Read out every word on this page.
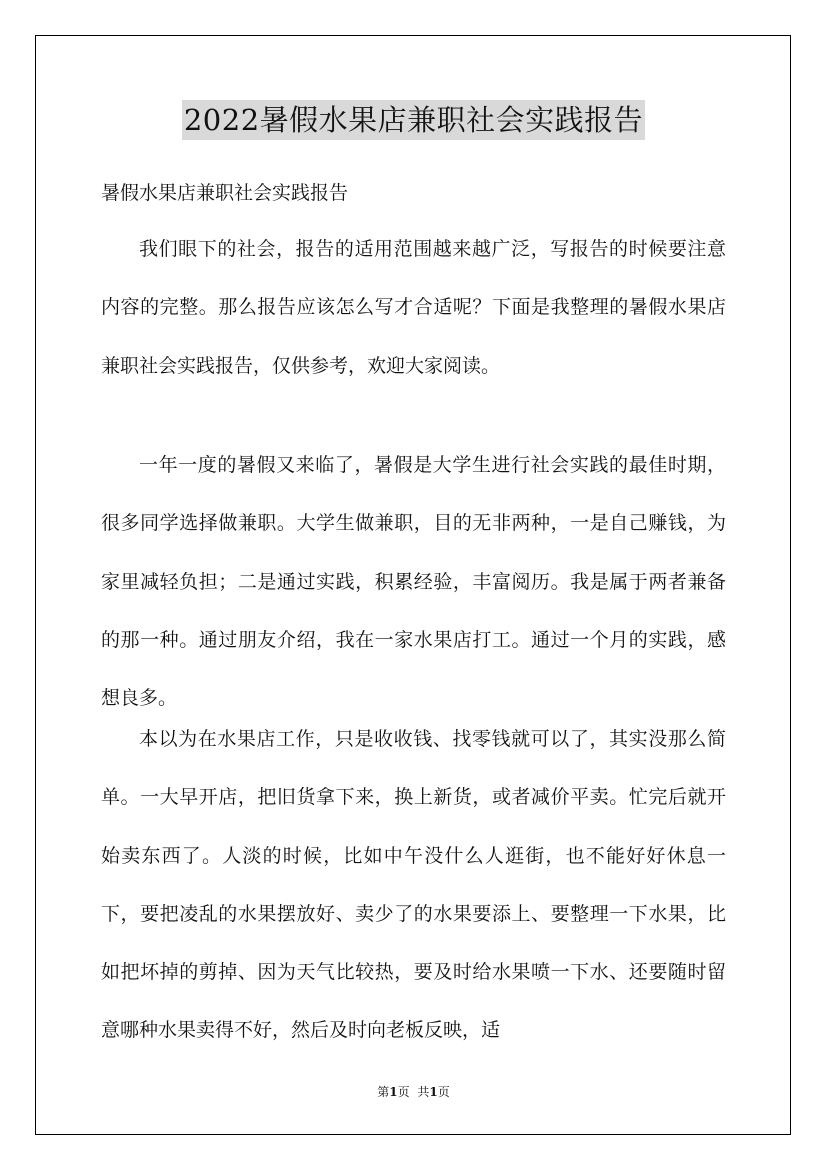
2022暑假水果店兼职社会实践报告
暑假水果店兼职社会实践报告

我们眼下的社会，报告的适用范围越来越广泛，写报告的时候要注意内容的完整。那么报告应该怎么写才合适呢？下面是我整理的暑假水果店兼职社会实践报告，仅供参考，欢迎大家阅读。

一年一度的暑假又来临了，暑假是大学生进行社会实践的最佳时期，很多同学选择做兼职。大学生做兼职，目的无非两种，一是自己赚钱，为家里减轻负担；二是通过实践，积累经验，丰富阅历。我是属于两者兼备的那一种。通过朋友介绍，我在一家水果店打工。通过一个月的实践，感想良多。

本以为在水果店工作，只是收收钱、找零钱就可以了，其实没那么简单。一大早开店，把旧货拿下来，换上新货，或者减价平卖。忙完后就开始卖东西了。人淡的时候，比如中午没什么人逛街，也不能好好休息一下，要把凌乱的水果摆放好、卖少了的水果要添上、要整理一下水果，比如把坏掉的剪掉、因为天气比较热，要及时给水果喷一下水、还要随时留意哪种水果卖得不好，然后及时向老板反映，适

第1页 共1页
